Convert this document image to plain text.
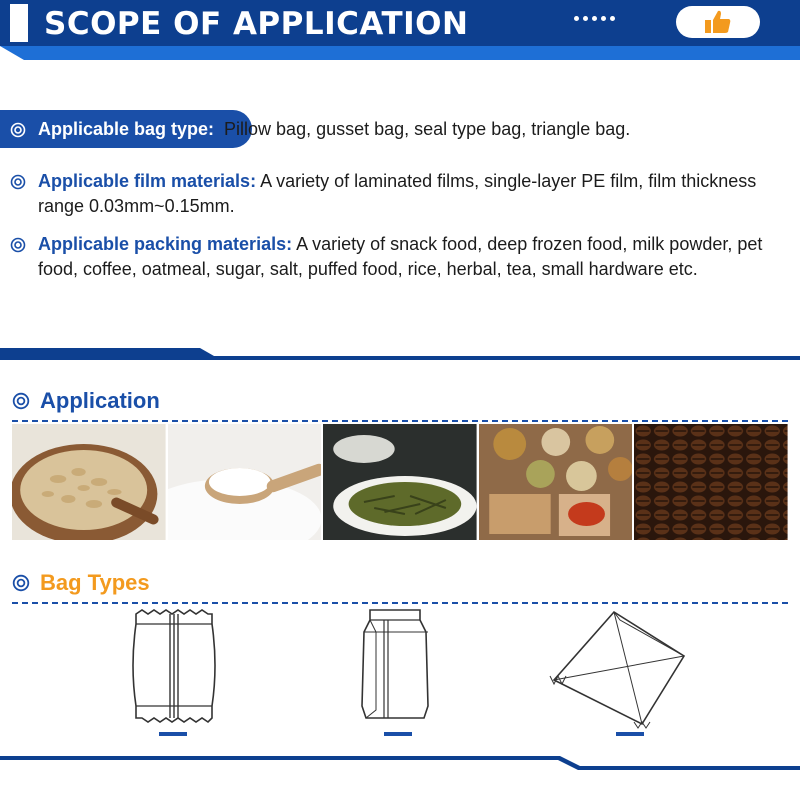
SCOPE OF APPLICATION
Applicable bag type: Pillow bag, gusset bag, seal type bag, triangle bag.
Applicable film materials: A variety of laminated films, single-layer PE film, film thickness range 0.03mm~0.15mm.
Applicable packing materials: A variety of snack food, deep frozen food, milk powder, pet food, coffee, oatmeal, sugar, salt, puffed food, rice, herbal, tea, small hardware etc.
Application
Bag Types
